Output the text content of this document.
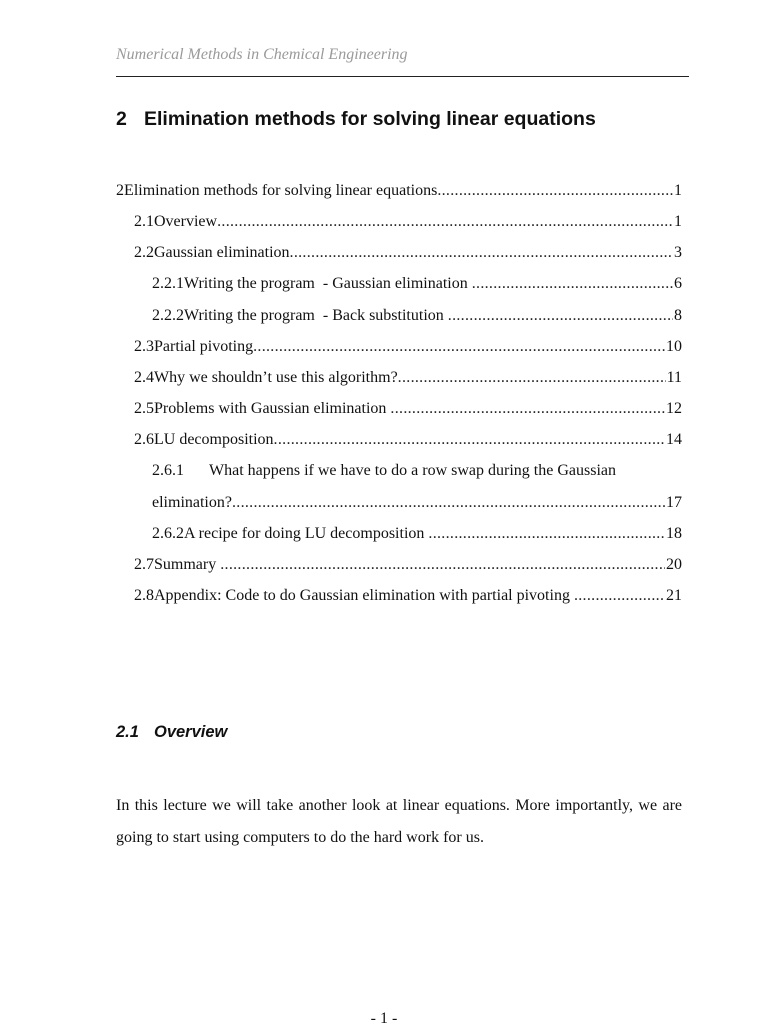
Numerical Methods in Chemical Engineering
2 Elimination methods for solving linear equations
2 Elimination methods for solving linear equations .....	1
2.1 Overview .....	1
2.2 Gaussian elimination .....	3
2.2.1 Writing the program  - Gaussian elimination .....	6
2.2.2 Writing the program  - Back substitution .....	8
2.3 Partial pivoting .....	10
2.4 Why we shouldn’t use this algorithm? .....	11
2.5 Problems with Gaussian elimination .....	12
2.6 LU decomposition .....	14
2.6.1 What happens if we have to do a row swap during the Gaussian
elimination? .....	17
2.6.2 A recipe for doing LU decomposition .....	18
2.7 Summary .....	20
2.8 Appendix: Code to do Gaussian elimination with partial pivoting .....	21
2.1 Overview
In this lecture we will take another look at linear equations. More importantly, we are going to start using computers to do the hard work for us.
- 1 -
